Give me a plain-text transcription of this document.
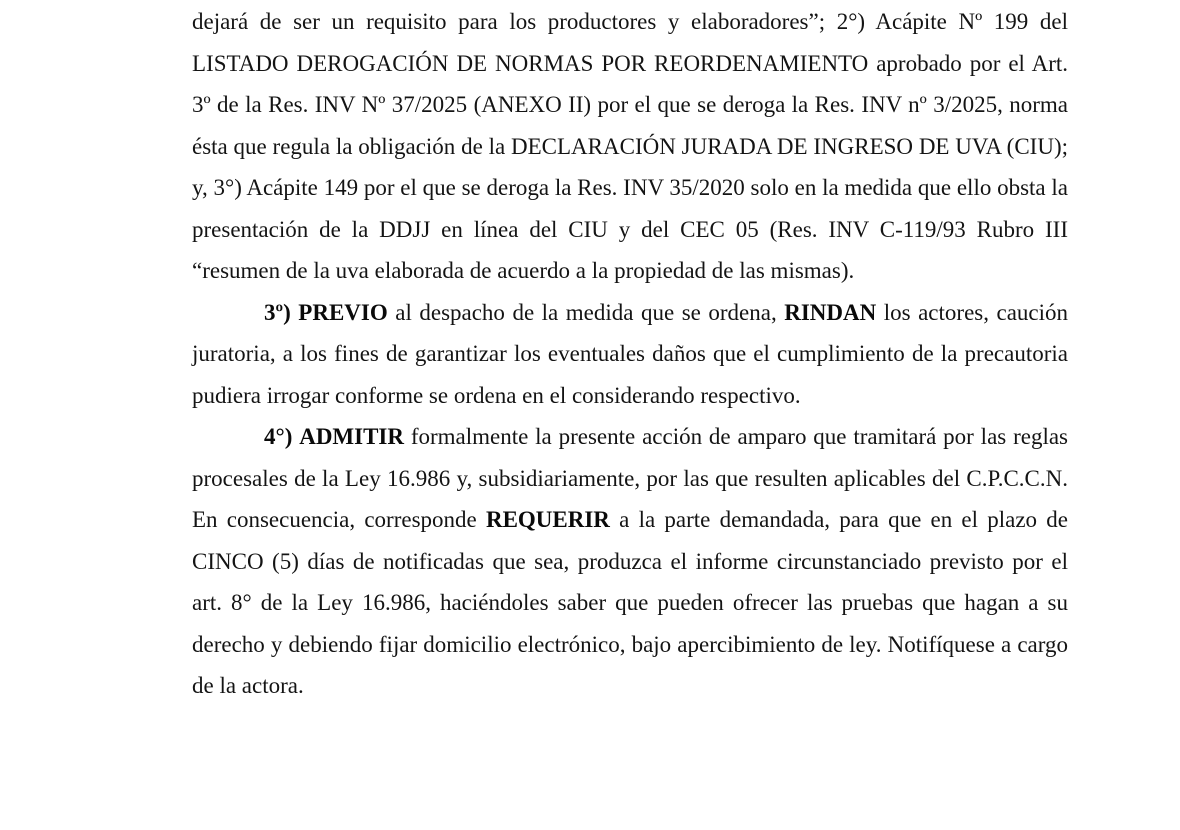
dejará de ser un requisito para los productores y elaboradores”; 2°) Acápite Nº 199 del LISTADO DEROGACIÓN DE NORMAS POR REORDENAMIENTO aprobado por el Art. 3º de la Res. INV Nº 37/2025 (ANEXO II) por el que se deroga la Res. INV nº 3/2025, norma ésta que regula la obligación de la DECLARACIÓN JURADA DE INGRESO DE UVA (CIU); y, 3°) Acápite 149 por el que se deroga la Res. INV 35/2020 solo en la medida que ello obsta la presentación de la DDJJ en línea del CIU y del CEC 05 (Res. INV C-119/93 Rubro III “resumen de la uva elaborada de acuerdo a la propiedad de las mismas).

3º) PREVIO al despacho de la medida que se ordena, RINDAN los actores, caución juratoria, a los fines de garantizar los eventuales daños que el cumplimiento de la precautoria pudiera irrogar conforme se ordena en el considerando respectivo.

4°) ADMITIR formalmente la presente acción de amparo que tramitará por las reglas procesales de la Ley 16.986 y, subsidiariamente, por las que resulten aplicables del C.P.C.C.N. En consecuencia, corresponde REQUERIR a la parte demandada, para que en el plazo de CINCO (5) días de notificadas que sea, produzca el informe circunstanciado previsto por el art. 8° de la Ley 16.986, haciéndoles saber que pueden ofrecer las pruebas que hagan a su derecho y debiendo fijar domicilio electrónico, bajo apercibimiento de ley. Notifíquese a cargo de la actora.
